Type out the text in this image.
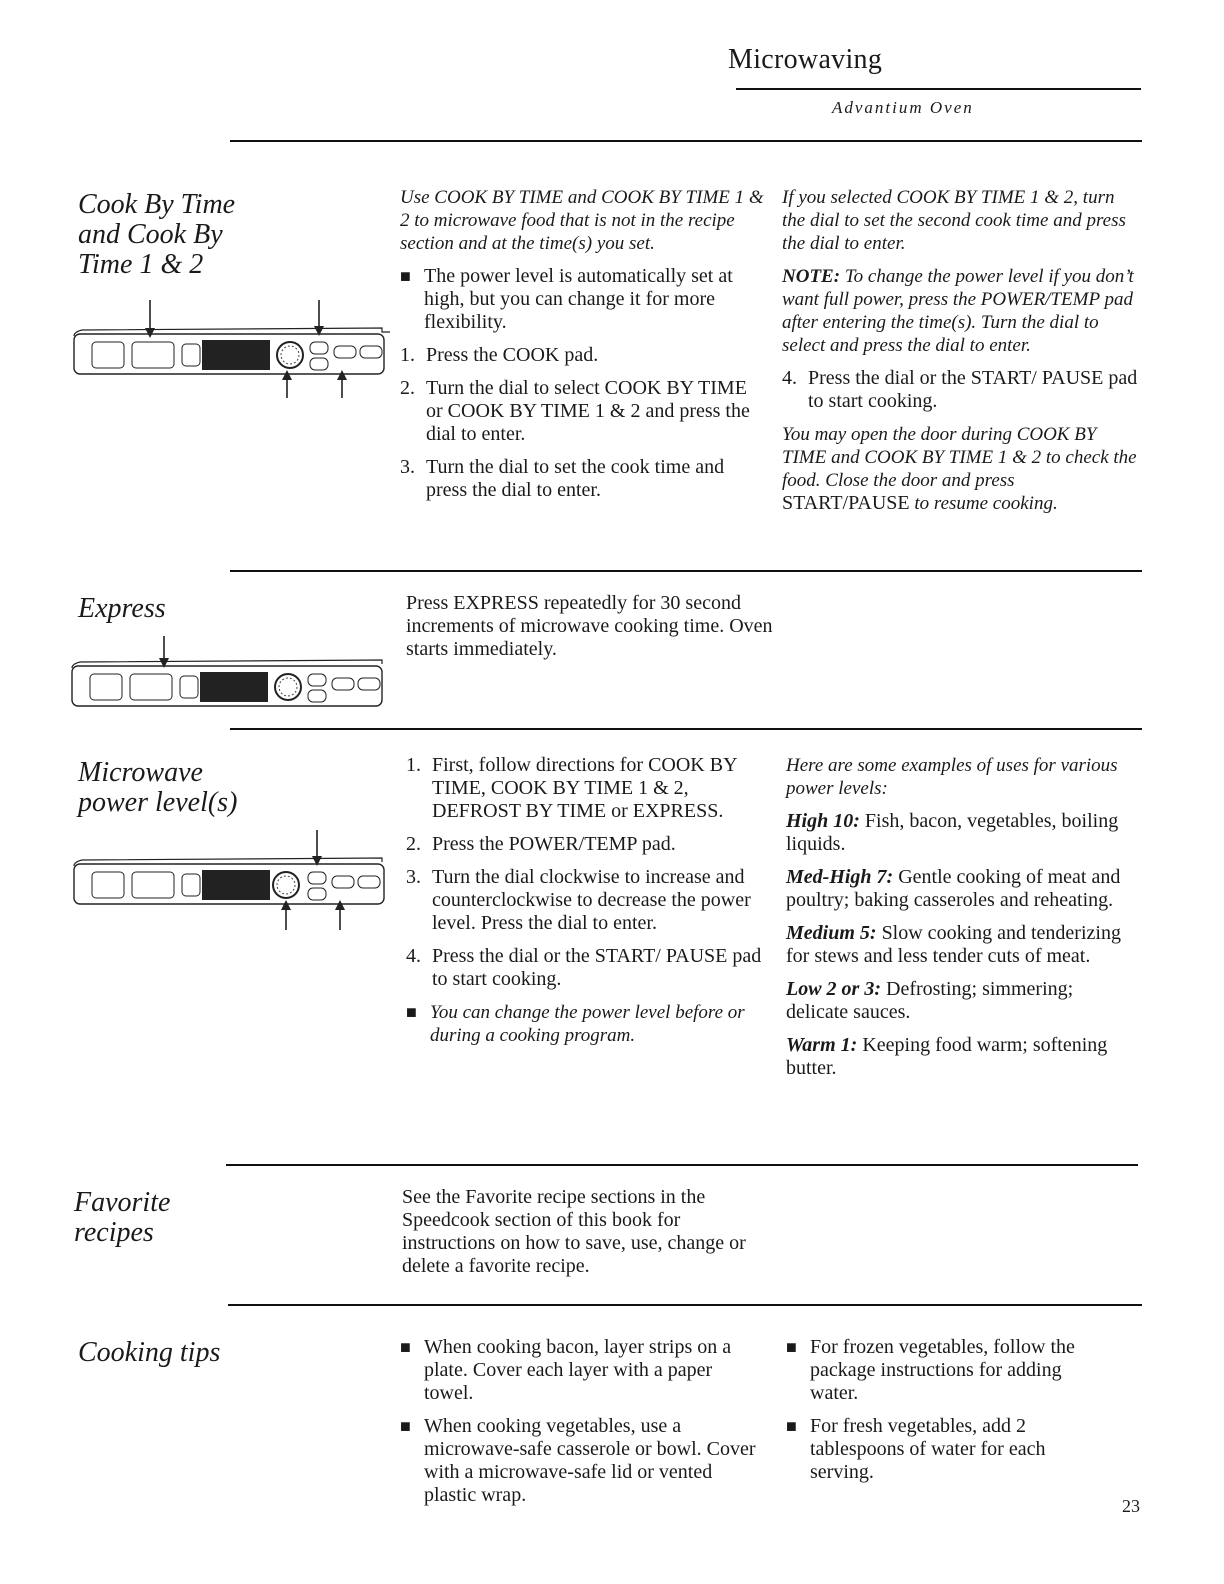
Microwaving
Advantium Oven
Cook By Time
and Cook By
Time 1 & 2

Use COOK BY TIME and COOK BY TIME 1 & 2 to microwave food that is not in the recipe section and at the time(s) you set.

■ The power level is automatically set at high, but you can change it for more flexibility.
1. Press the COOK pad.
2. Turn the dial to select COOK BY TIME or COOK BY TIME 1 & 2 and press the dial to enter.
3. Turn the dial to set the cook time and press the dial to enter.

If you selected COOK BY TIME 1 & 2, turn the dial to set the second cook time and press the dial to enter.

NOTE: To change the power level if you don’t want full power, press the POWER/TEMP pad after entering the time(s). Turn the dial to select and press the dial to enter.

4. Press the dial or the START/ PAUSE pad to start cooking.

You may open the door during COOK BY TIME and COOK BY TIME 1 & 2 to check the food. Close the door and press START/PAUSE to resume cooking.

Express	Press EXPRESS repeatedly for 30 second increments of microwave cooking time. Oven starts immediately.
Microwave
power level(s)
1. First, follow directions for COOK BY TIME, COOK BY TIME 1 & 2, DEFROST BY TIME or EXPRESS.
2. Press the POWER/TEMP pad.
3. Turn the dial clockwise to increase and counterclockwise to decrease the power level. Press the dial to enter.
4. Press the dial or the START/ PAUSE pad to start cooking.
■ You can change the power level before or during a cooking program.

Here are some examples of uses for various power levels:

High 10: Fish, bacon, vegetables, boiling liquids.

Med-High 7: Gentle cooking of meat and poultry; baking casseroles and reheating.

Medium 5: Slow cooking and tenderizing for stews and less tender cuts of meat.

Low 2 or 3: Defrosting; simmering; delicate sauces.

Warm 1: Keeping food warm; softening butter.

Favorite
recipes
See the Favorite recipe sections in the Speedcook section of this book for instructions on how to save, use, change or delete a favorite recipe.
Cooking tips	■ When cooking bacon, layer strips on a plate. Cover each layer with a paper towel.
■ When cooking vegetables, use a microwave-safe casserole or bowl. Cover with a microwave-safe lid or vented plastic wrap.
■ For frozen vegetables, follow the package instructions for adding water.
■ For fresh vegetables, add 2 tablespoons of water for each serving.
23
